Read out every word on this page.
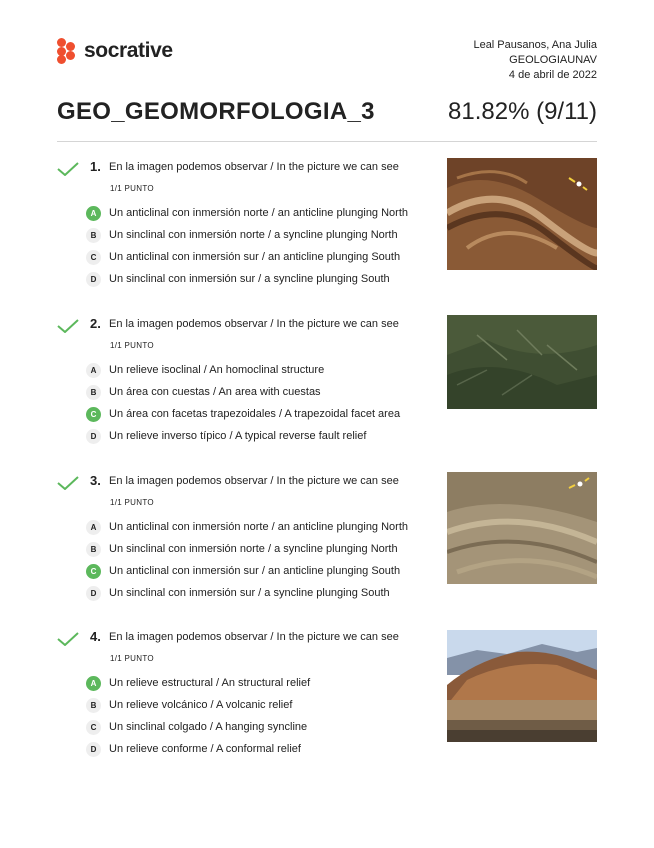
socrative	Leal Pausanos, Ana Julia
GEOLOGIAUNAV
4 de abril de 2022
GEO_GEOMORFOLOGIA_3	81.82% (9/11)
1. En la imagen podemos observar / In the picture we can see
1/1 PUNTO
A	Un anticlinal con inmersión norte / an anticline plunging North
B	Un sinclinal con inmersión norte / a syncline plunging North
C	Un anticlinal con inmersión sur / an anticline plunging South
D	Un sinclinal con inmersión sur / a syncline plunging South
2. En la imagen podemos observar / In the picture we can see
1/1 PUNTO
A	Un relieve isoclinal / An homoclinal structure
B	Un área con cuestas / An area with cuestas
C	Un área con facetas trapezoidales / A trapezoidal facet area
D	Un relieve inverso típico / A typical reverse fault relief
3. En la imagen podemos observar / In the picture we can see
1/1 PUNTO
A	Un anticlinal con inmersión norte / an anticline plunging North
B	Un sinclinal con inmersión norte / a syncline plunging North
C	Un anticlinal con inmersión sur / an anticline plunging South
D	Un sinclinal con inmersión sur / a syncline plunging South
4. En la imagen podemos observar / In the picture we can see
1/1 PUNTO
A	Un relieve estructural / An structural relief
B	Un relieve volcánico / A volcanic relief
C	Un sinclinal colgado / A hanging syncline
D	Un relieve conforme / A conformal relief
